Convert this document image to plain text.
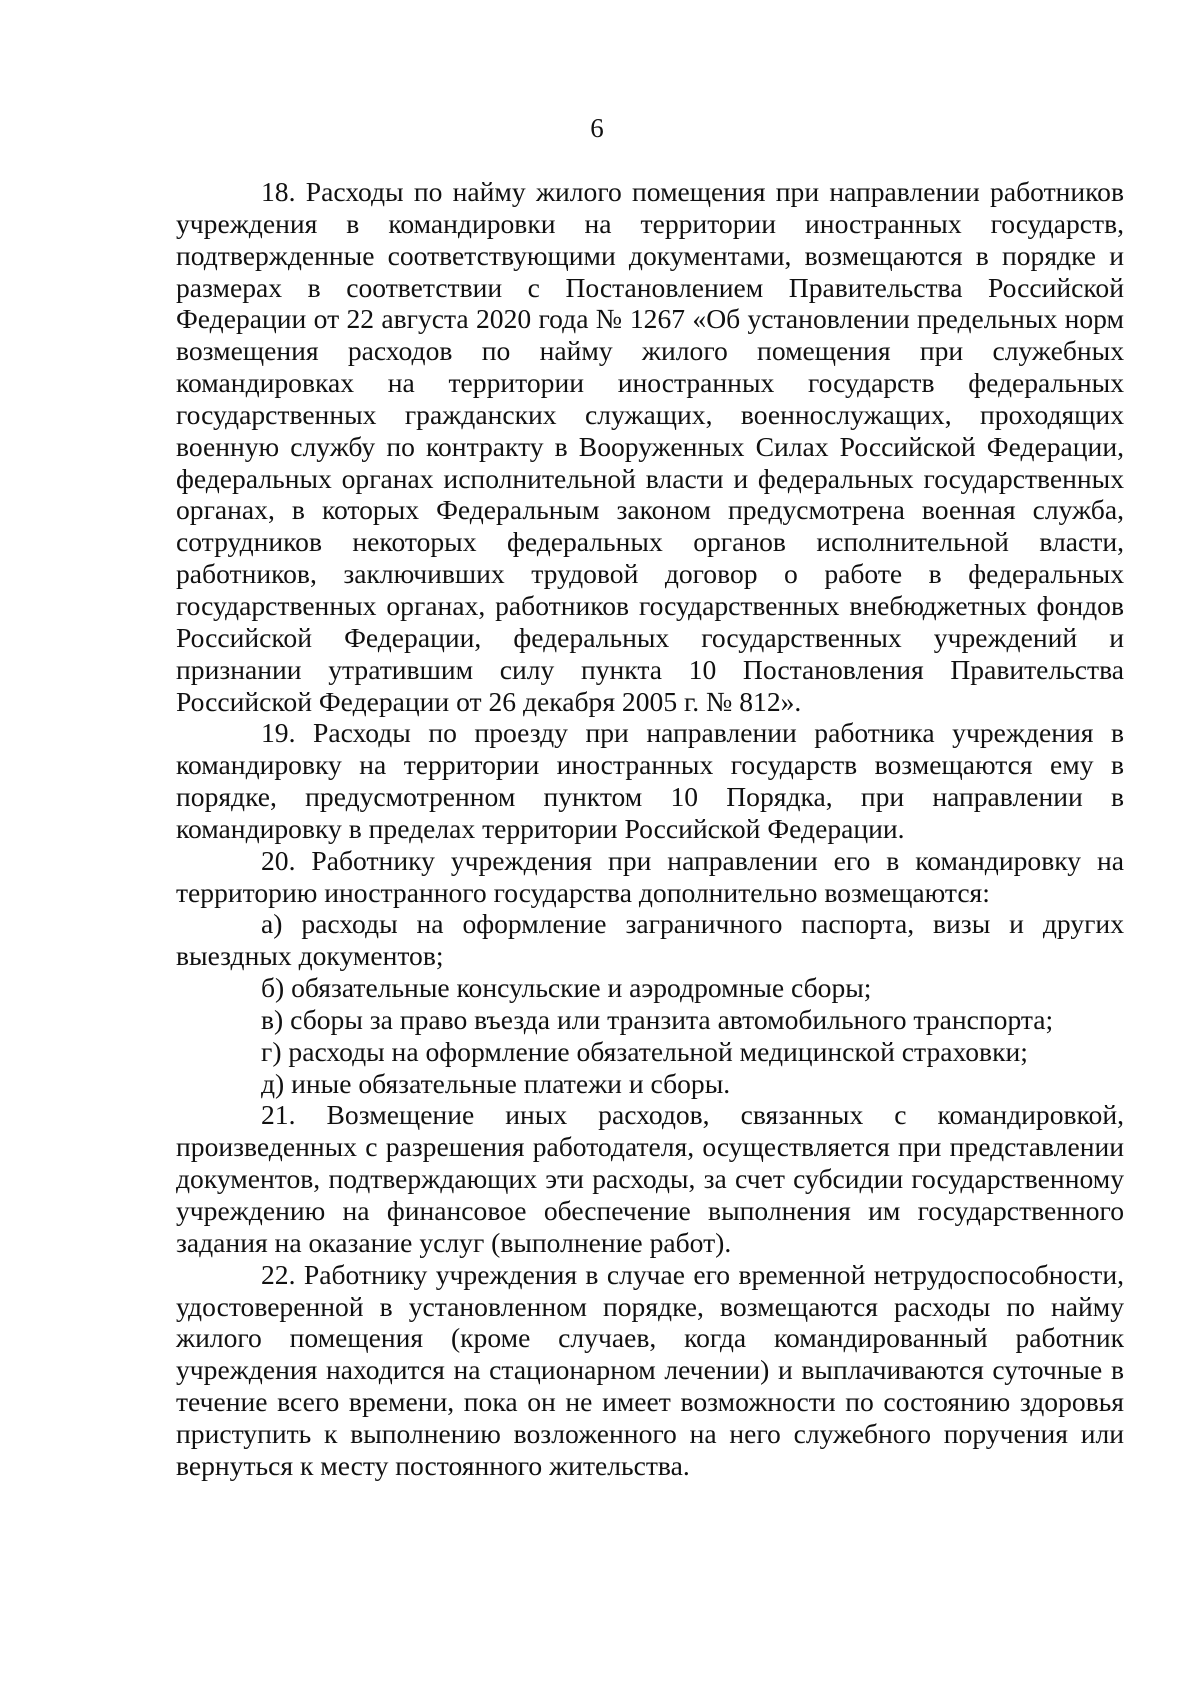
6

18. Расходы по найму жилого помещения при направлении работников учреждения в командировки на территории иностранных государств, подтвержденные соответствующими документами, возмещаются в порядке и размерах в соответствии с Постановлением Правительства Российской Федерации от 22 августа 2020 года № 1267 «Об установлении предельных норм возмещения расходов по найму жилого помещения при служебных командировках на территории иностранных государств федеральных государственных гражданских служащих, военнослужащих, проходящих военную службу по контракту в Вооруженных Силах Российской Федерации, федеральных органах исполнительной власти и федеральных государственных органах, в которых Федеральным законом предусмотрена военная служба, сотрудников некоторых федеральных органов исполнительной власти, работников, заключивших трудовой договор о работе в федеральных государственных органах, работников государственных внебюджетных фондов Российской Федерации, федеральных государственных учреждений и признании утратившим силу пункта 10 Постановления Правительства Российской Федерации от 26 декабря 2005 г. № 812».

19. Расходы по проезду при направлении работника учреждения в командировку на территории иностранных государств возмещаются ему в порядке, предусмотренном пунктом 10 Порядка, при направлении в командировку в пределах территории Российской Федерации.

20. Работнику учреждения при направлении его в командировку на территорию иностранного государства дополнительно возмещаются:

а) расходы на оформление заграничного паспорта, визы и других выездных документов;

б) обязательные консульские и аэродромные сборы;

в) сборы за право въезда или транзита автомобильного транспорта;

г) расходы на оформление обязательной медицинской страховки;

д) иные обязательные платежи и сборы.

21. Возмещение иных расходов, связанных с командировкой, произведенных с разрешения работодателя, осуществляется при представлении документов, подтверждающих эти расходы, за счет субсидии государственному учреждению на финансовое обеспечение выполнения им государственного задания на оказание услуг (выполнение работ).

22. Работнику учреждения в случае его временной нетрудоспособности, удостоверенной в установленном порядке, возмещаются расходы по найму жилого помещения (кроме случаев, когда командированный работник учреждения находится на стационарном лечении) и выплачиваются суточные в течение всего времени, пока он не имеет возможности по состоянию здоровья приступить к выполнению возложенного на него служебного поручения или вернуться к месту постоянного жительства.
